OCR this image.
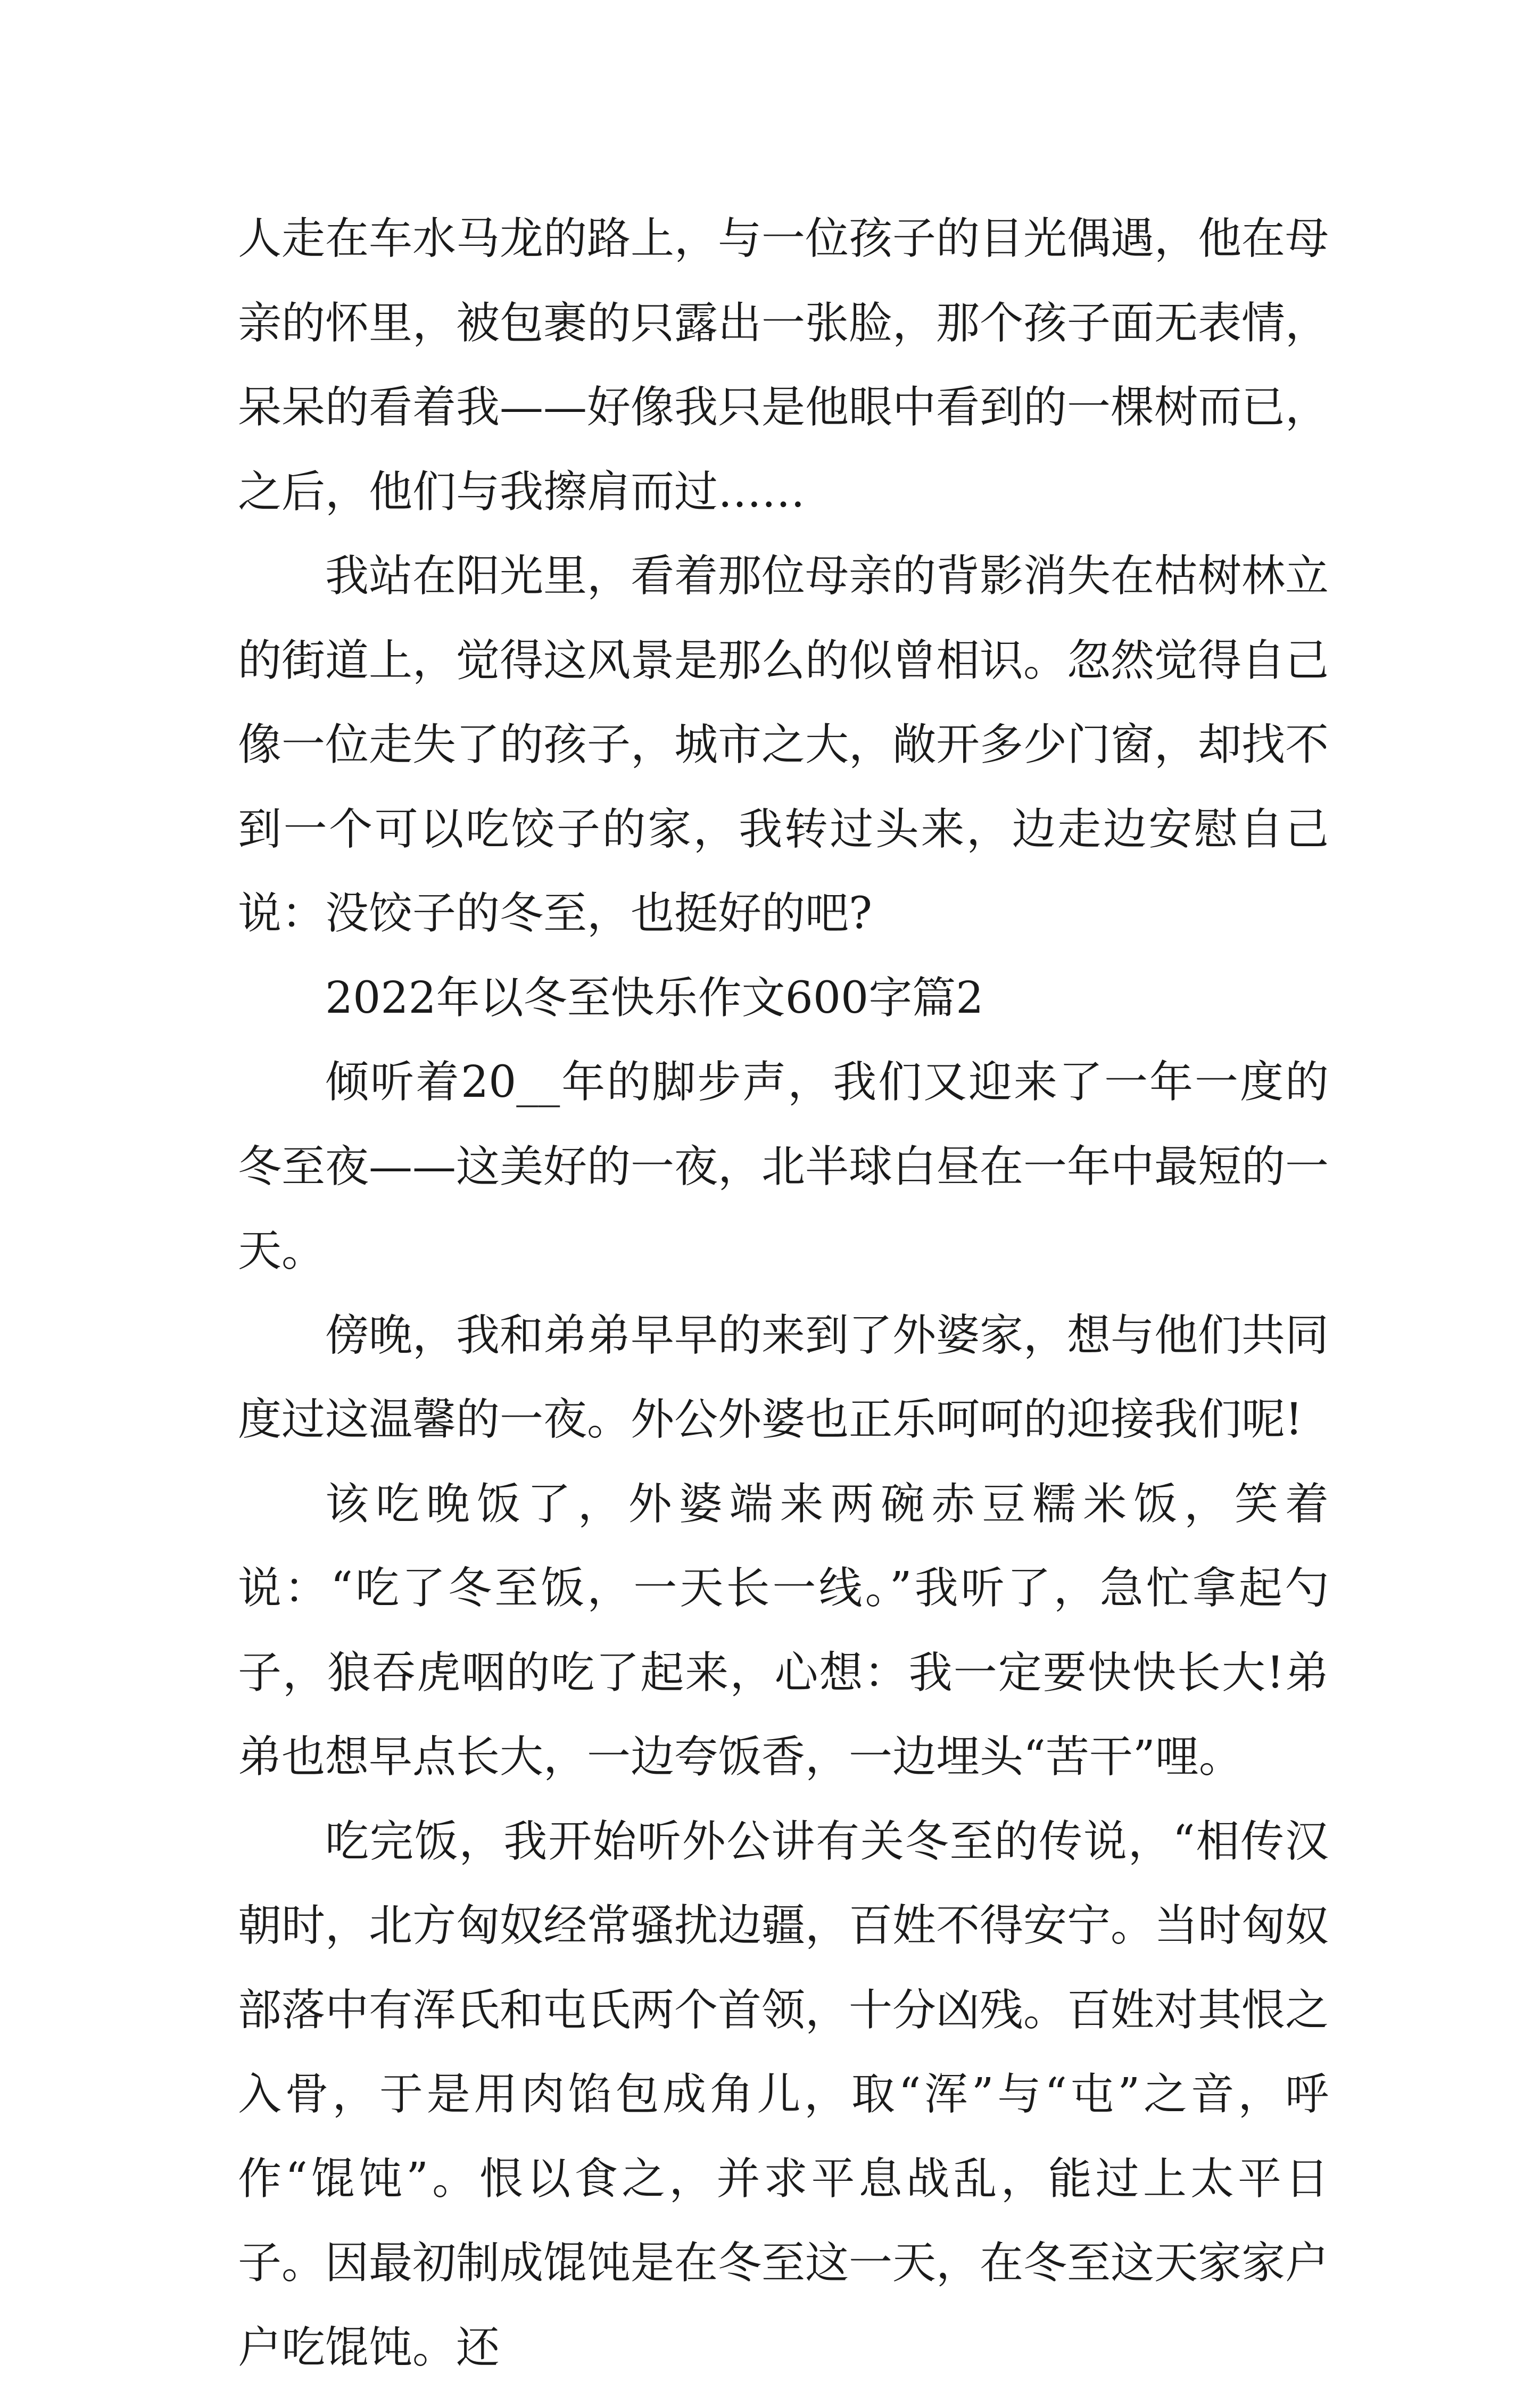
人走在车水马龙的路上，与一位孩子的目光偶遇，他在母亲的怀里，被包裹的只露出一张脸，那个孩子面无表情，呆呆的看着我——好像我只是他眼中看到的一棵树而已，之后，他们与我擦肩而过……

我站在阳光里，看着那位母亲的背影消失在枯树林立的街道上，觉得这风景是那么的似曾相识。忽然觉得自己像一位走失了的孩子，城市之大，敞开多少门窗，却找不到一个可以吃饺子的家，我转过头来，边走边安慰自己说：没饺子的冬至，也挺好的吧?

2022年以冬至快乐作文600字篇2

倾听着20__年的脚步声，我们又迎来了一年一度的冬至夜——这美好的一夜，北半球白昼在一年中最短的一天。

傍晚，我和弟弟早早的来到了外婆家，想与他们共同度过这温馨的一夜。外公外婆也正乐呵呵的迎接我们呢!

该吃晚饭了，外婆端来两碗赤豆糯米饭，笑着说：“吃了冬至饭，一天长一线。”我听了，急忙拿起勺子，狼吞虎咽的吃了起来，心想：我一定要快快长大!弟弟也想早点长大，一边夸饭香，一边埋头“苦干”哩。

吃完饭，我开始听外公讲有关冬至的传说，“相传汉朝时，北方匈奴经常骚扰边疆，百姓不得安宁。当时匈奴部落中有浑氏和屯氏两个首领，十分凶残。百姓对其恨之入骨，于是用肉馅包成角儿，取“浑”与“屯”之音，呼作“馄饨”。恨以食之，并求平息战乱，能过上太平日子。因最初制成馄饨是在冬至这一天，在冬至这天家家户户吃馄饨。还
